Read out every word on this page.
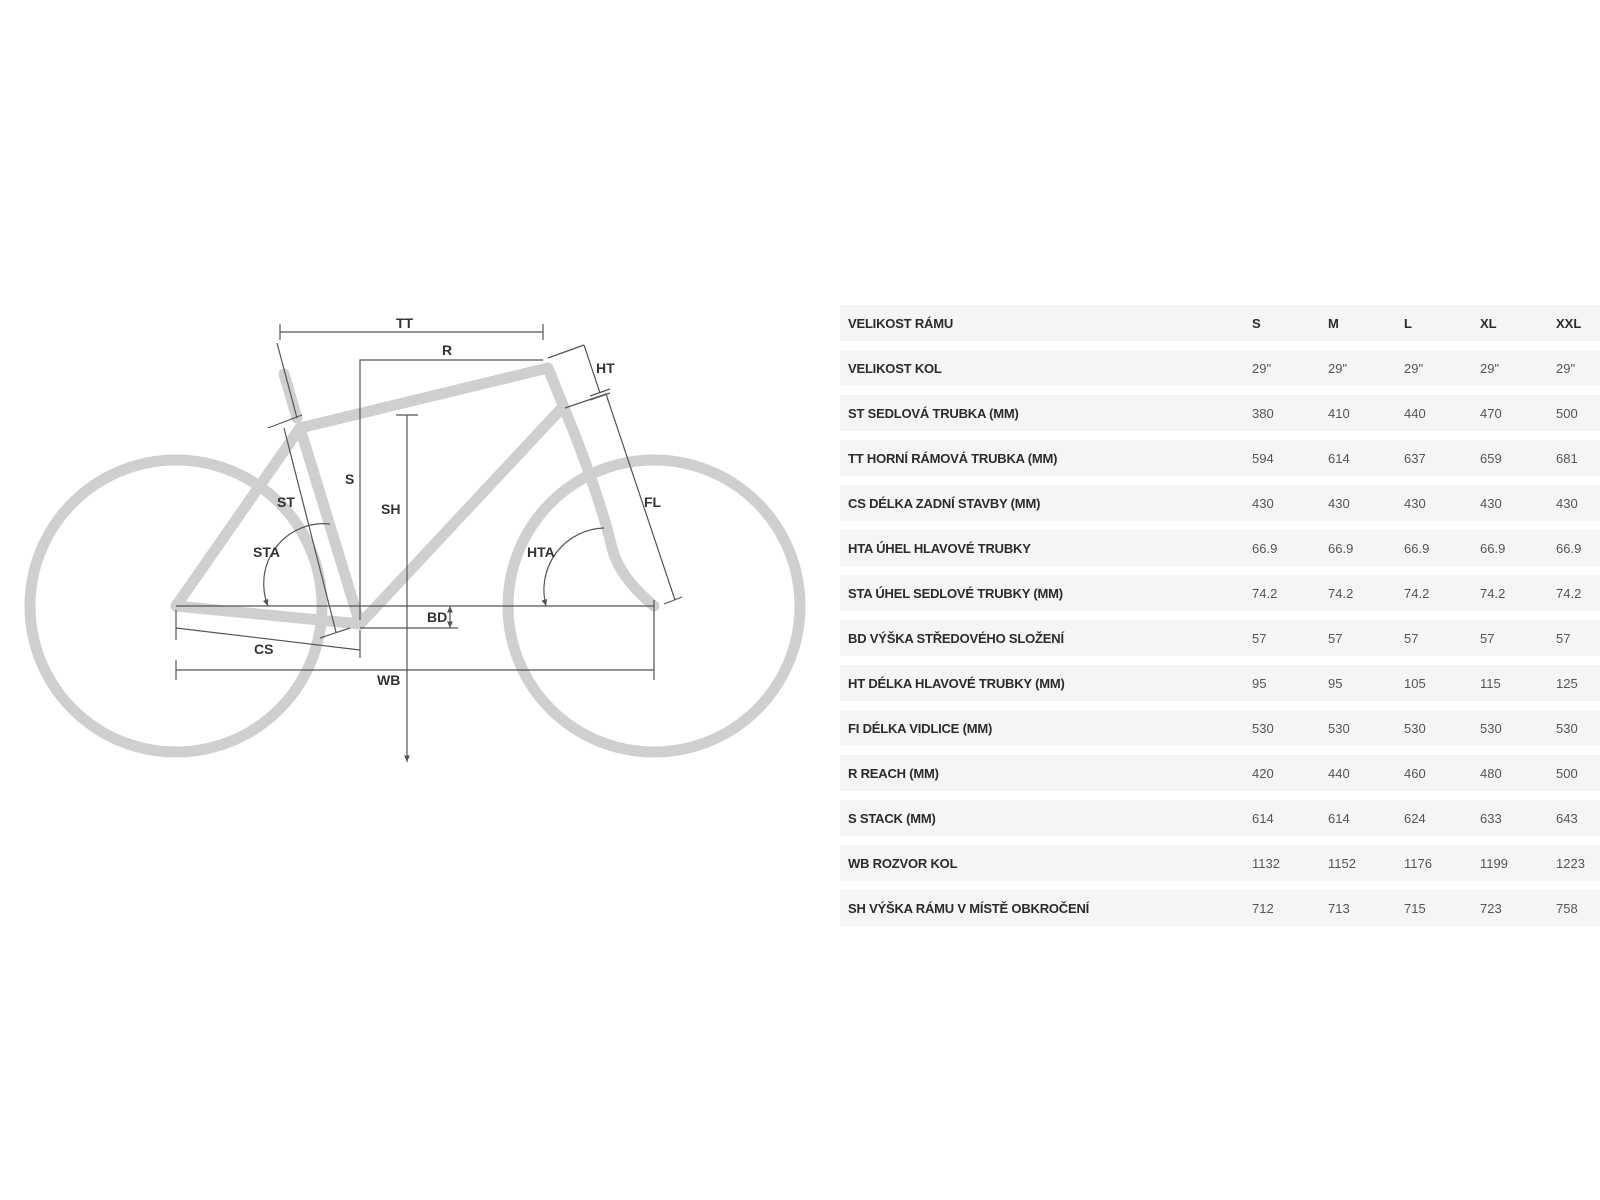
TT
R
HT
ST
S
SH	FL
STA	HTA
BD
CS
WB
VELIKOST RÁMU	S	M	L	XL	XXL
VELIKOST KOL	29"	29"	29"	29"	29"
ST SEDLOVÁ TRUBKA (MM)	380	410	440	470	500
TT HORNÍ RÁMOVÁ TRUBKA (MM)	594	614	637	659	681
CS DÉLKA ZADNÍ STAVBY (MM)	430	430	430	430	430
HTA ÚHEL HLAVOVÉ TRUBKY	66.9	66.9	66.9	66.9	66.9
STA ÚHEL SEDLOVÉ TRUBKY (MM)	74.2	74.2	74.2	74.2	74.2
BD VÝŠKA STŘEDOVÉHO SLOŽENÍ	57	57	57	57	57
HT DÉLKA HLAVOVÉ TRUBKY (MM)	95	95	105	115	125
FI DÉLKA VIDLICE (MM)	530	530	530	530	530
R REACH (MM)	420	440	460	480	500
S STACK (MM)	614	614	624	633	643
WB ROZVOR KOL	1132	1152	1176	1199	1223
SH VÝŠKA RÁMU V MÍSTĚ OBKROČENÍ	712	713	715	723	758
